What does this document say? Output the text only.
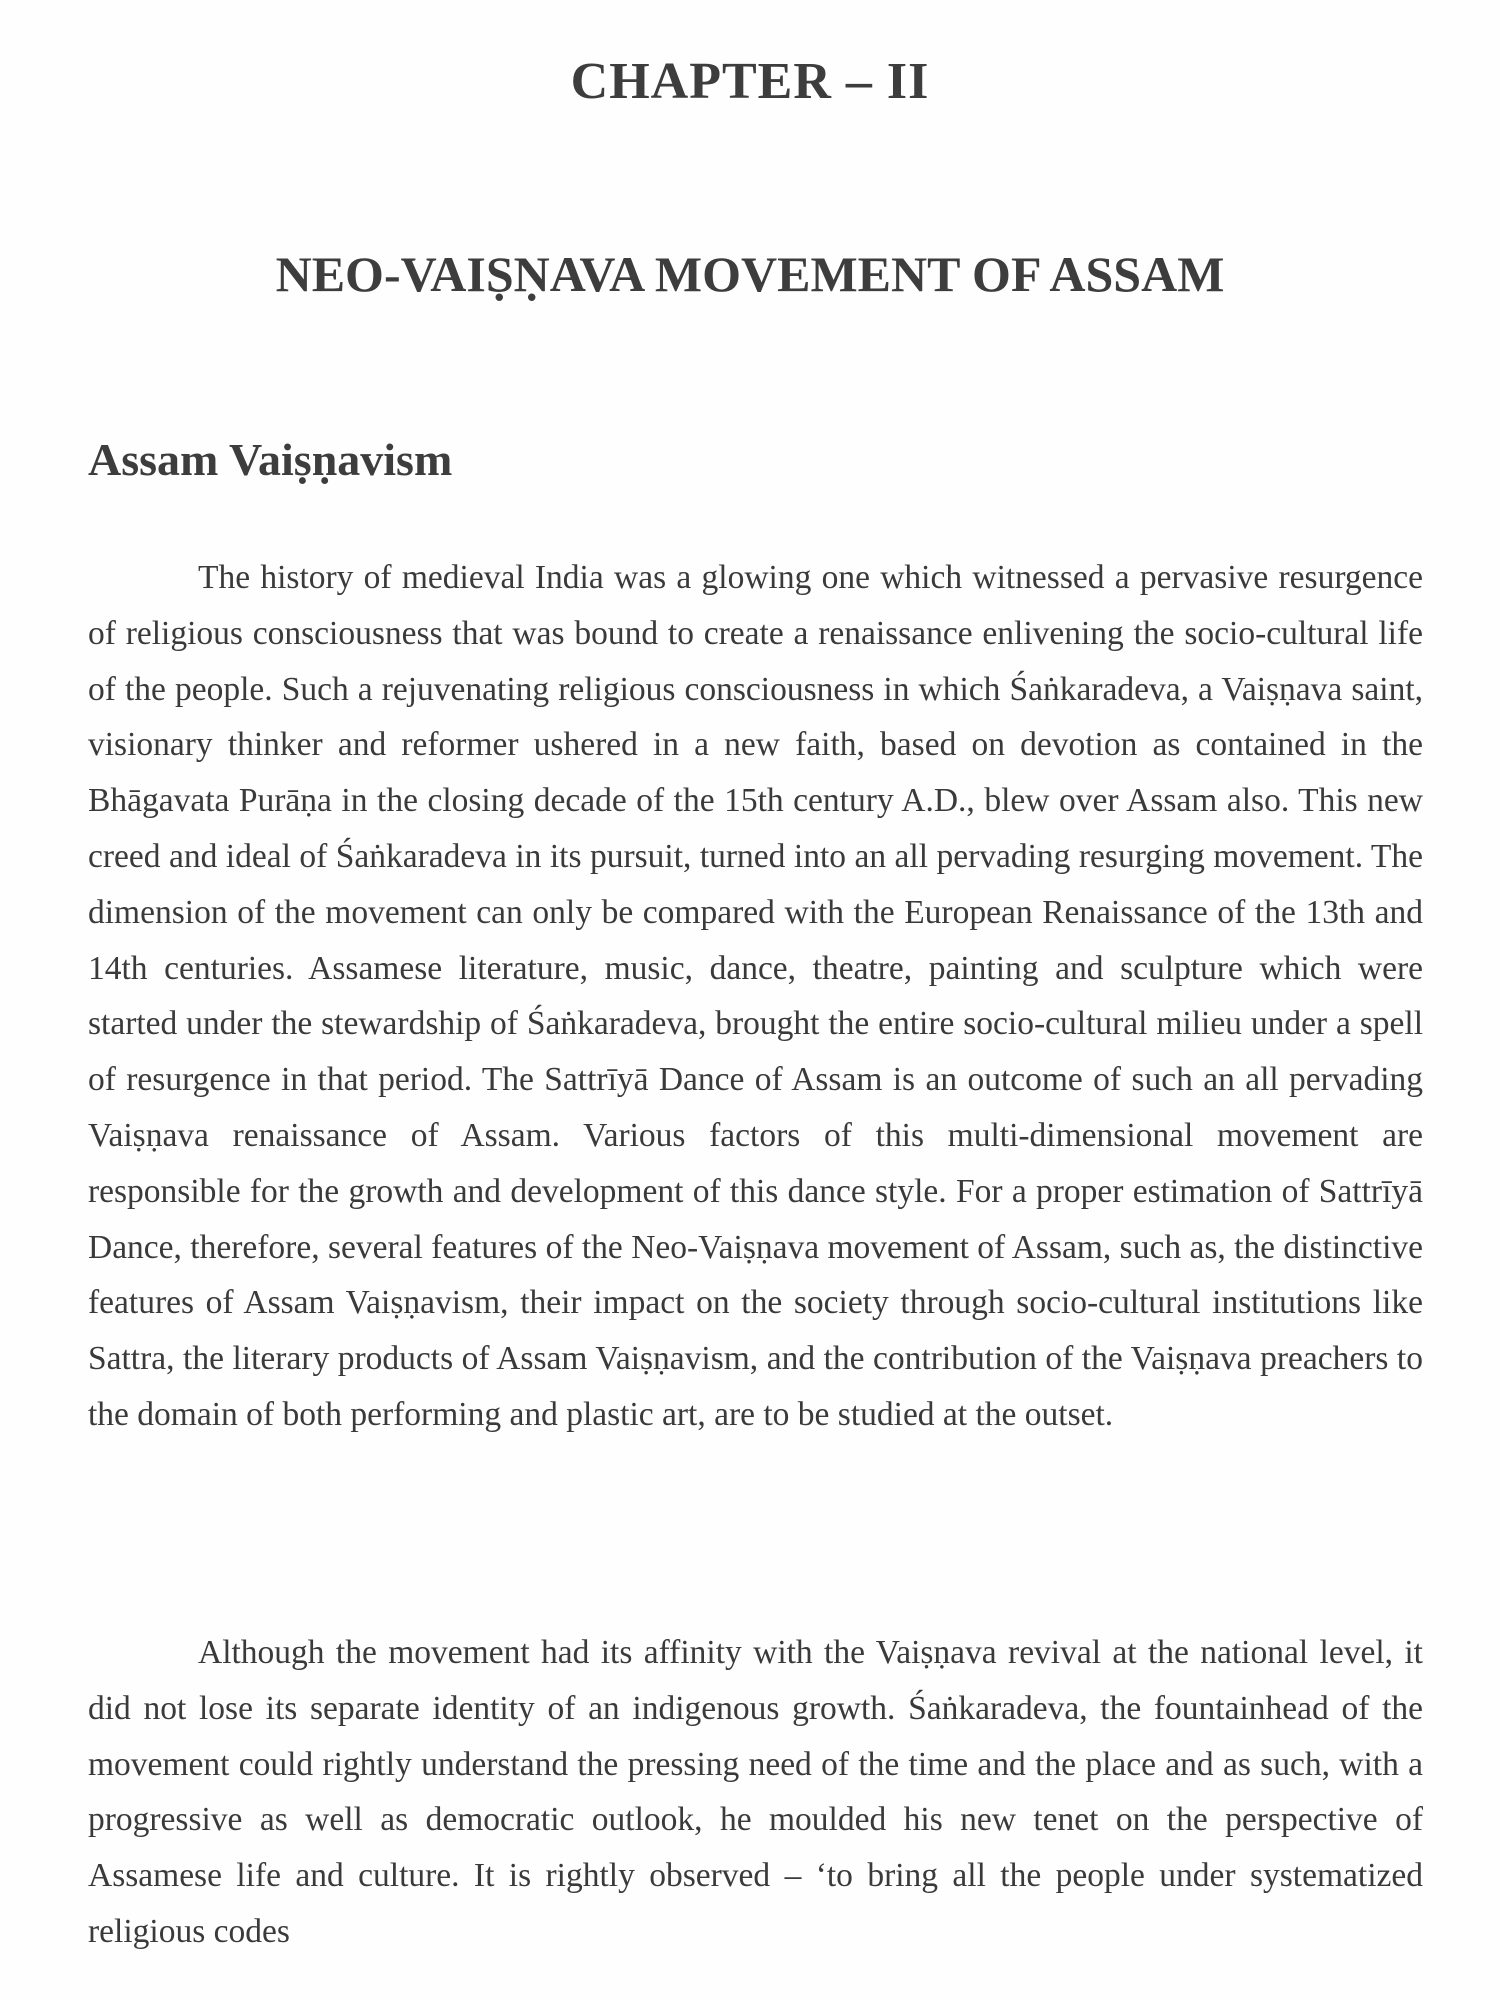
CHAPTER – II
NEO-VAIṢṆAVA MOVEMENT OF ASSAM
Assam Vaiṣṇavism

The history of medieval India was a glowing one which witnessed a pervasive resurgence of religious consciousness that was bound to create a renaissance enlivening the socio-cultural life of the people. Such a rejuvenating religious consciousness in which Śaṅkaradeva, a Vaiṣṇava saint, visionary thinker and reformer ushered in a new faith, based on devotion as contained in the Bhāgavata Purāṇa in the closing decade of the 15th century A.D., blew over Assam also. This new creed and ideal of Śaṅkaradeva in its pursuit, turned into an all pervading resurging movement. The dimension of the movement can only be compared with the European Renaissance of the 13th and 14th centuries. Assamese literature, music, dance, theatre, painting and sculpture which were started under the stewardship of Śaṅkaradeva, brought the entire socio-cultural milieu under a spell of resurgence in that period. The Sattrīyā Dance of Assam is an outcome of such an all pervading Vaiṣṇava renaissance of Assam. Various factors of this multi-dimensional movement are responsible for the growth and development of this dance style. For a proper estimation of Sattrīyā Dance, therefore, several features of the Neo-Vaiṣṇava movement of Assam, such as, the distinctive features of Assam Vaiṣṇavism, their impact on the society through socio-cultural institutions like Sattra, the literary products of Assam Vaiṣṇavism, and the contribution of the Vaiṣṇava preachers to the domain of both performing and plastic art, are to be studied at the outset.

Although the movement had its affinity with the Vaiṣṇava revival at the national level, it did not lose its separate identity of an indigenous growth. Śaṅkaradeva, the fountainhead of the movement could rightly understand the pressing need of the time and the place and as such, with a progressive as well as democratic outlook, he moulded his new tenet on the perspective of Assamese life and culture. It is rightly observed – ‘to bring all the people under systematized religious codes
